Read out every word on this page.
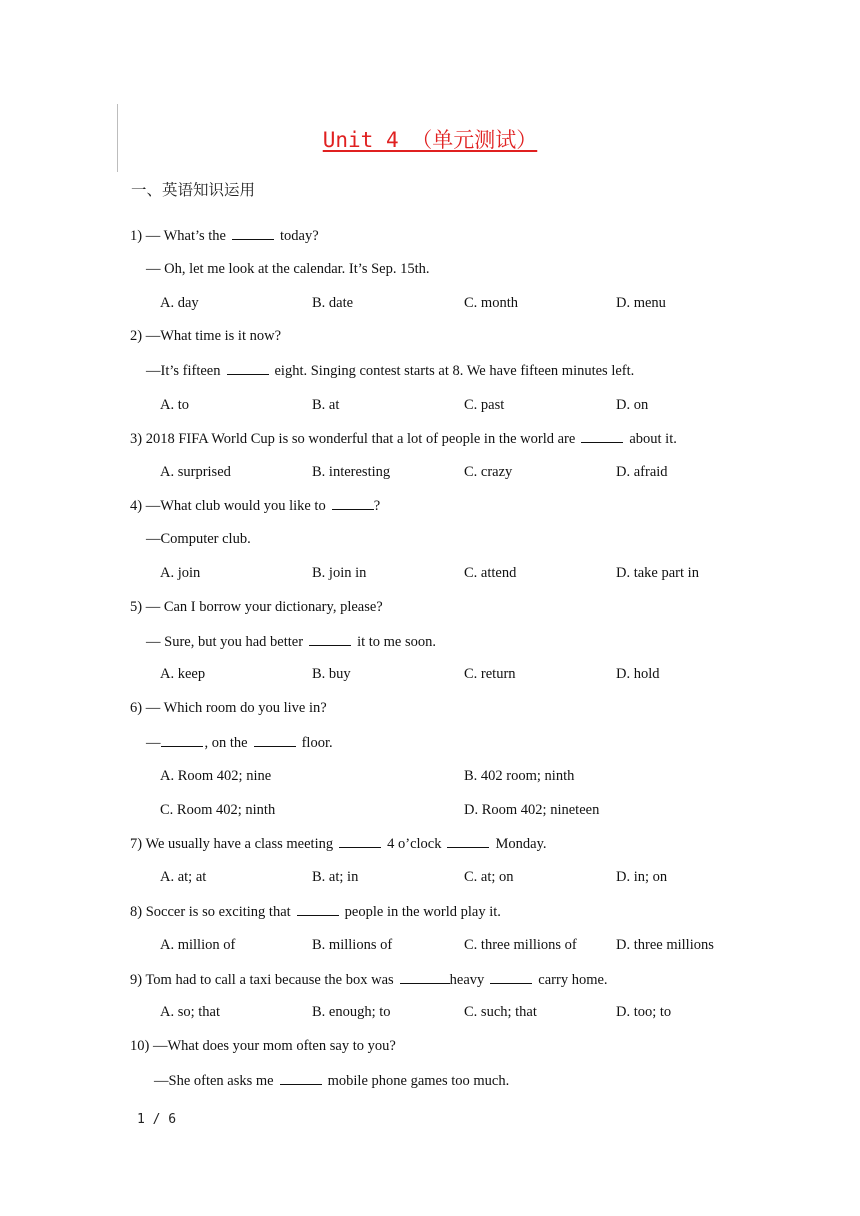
Unit 4 （单元测试）
一、英语知识运用
1) — What’s the	today?
— Oh, let me look at the calendar. It’s Sep. 15th.
A. day	B. date	C. month	D. menu
2) —What time is it now?
—It’s fifteen	eight. Singing contest starts at 8. We have fifteen minutes left.
A. to	B. at	C. past	D. on
3) 2018 FIFA World Cup is so wonderful that a lot of people in the world are	about it.
A. surprised	B. interesting	C. crazy	D. afraid
4) —What club would you like to	?
—Computer club.
A. join	B. join in	C. attend	D. take part in
5) — Can I borrow your dictionary, please?
— Sure, but you had better	it to me soon.
A. keep	B. buy	C. return	D. hold
6) — Which room do you live in?
—	, on the	floor.
A. Room 402; nine	B. 402 room; ninth
C. Room 402; ninth	D. Room 402; nineteen
7) We usually have a class meeting	4 o’clock	Monday.
A. at; at	B. at; in	C. at; on	D. in; on
8) Soccer is so exciting that	people in the world play it.
A. million of	B. millions of	C. three millions of	D. three millions
9) Tom had to call a taxi because the box was	heavy	carry home.
A. so; that	B. enough; to	C. such; that	D. too; to
10) —What does your mom often say to you?
—She often asks me	mobile phone games too much.
1 / 6
